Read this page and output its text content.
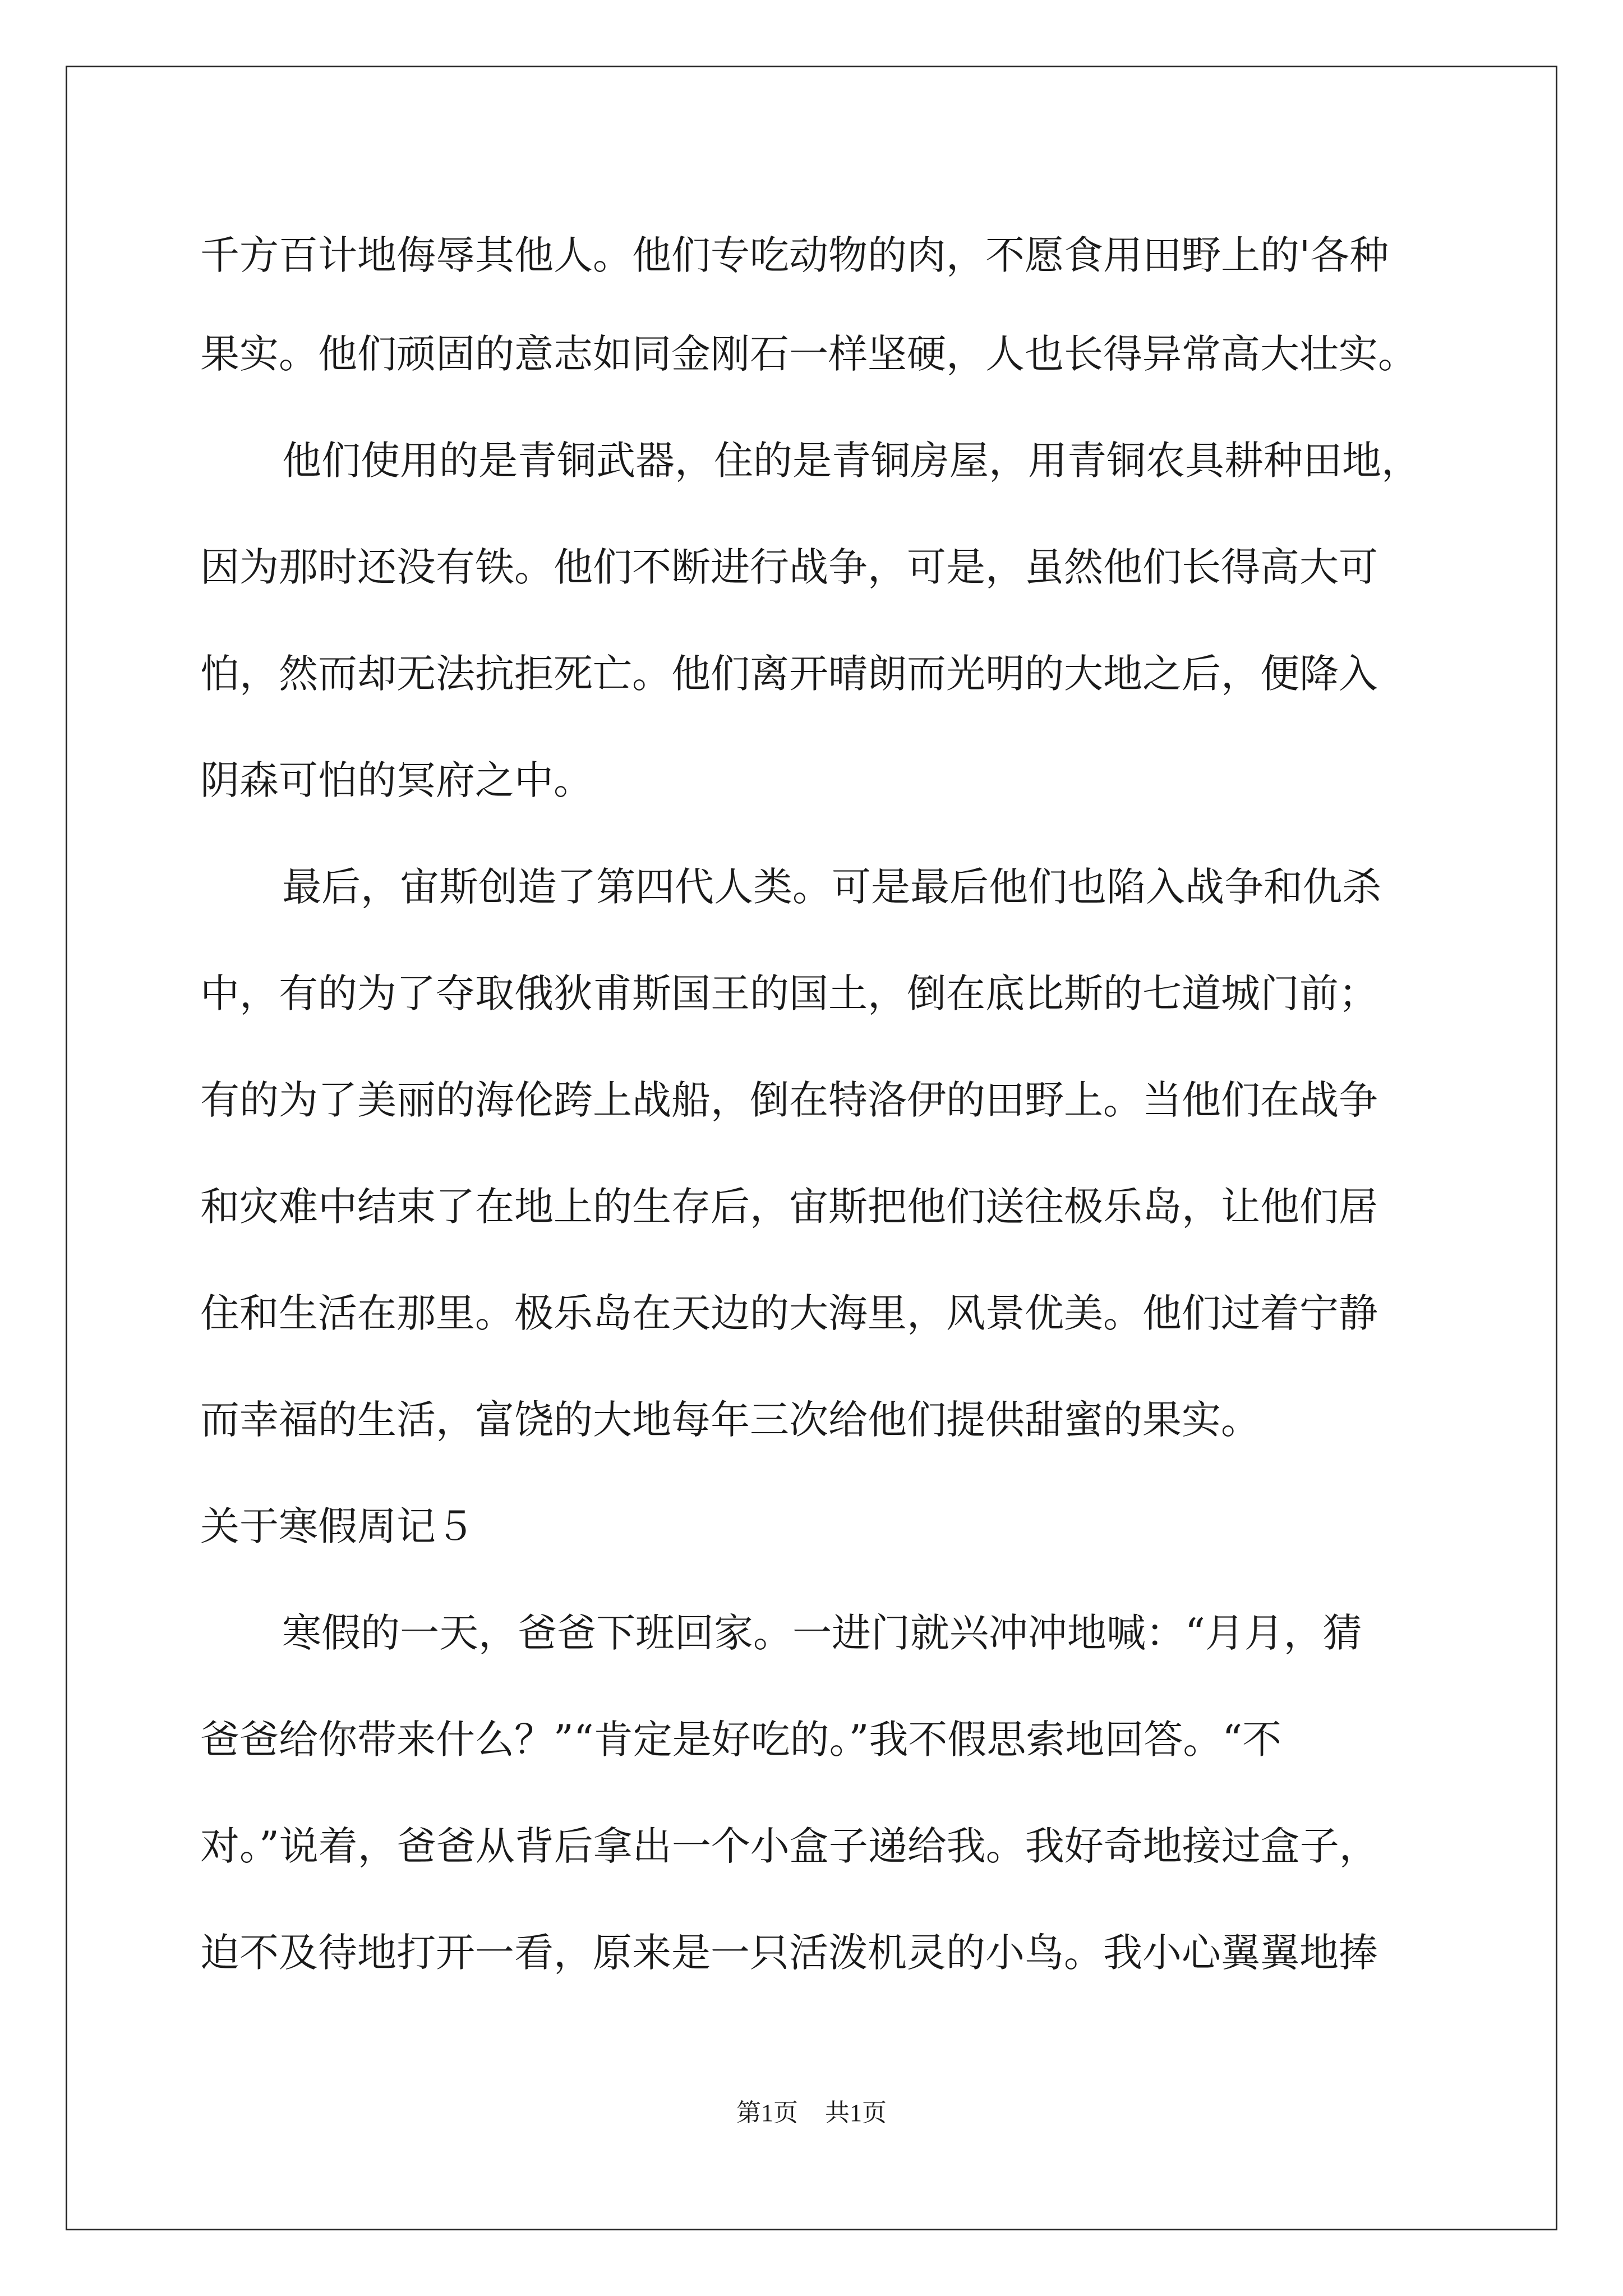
千方百计地侮辱其他人。他们专吃动物的肉，不愿食用田野上的'各种
果实。他们顽固的意志如同金刚石一样坚硬，人也长得异常高大壮实。
他们使用的是青铜武器，住的是青铜房屋，用青铜农具耕种田地，
因为那时还没有铁。他们不断进行战争，可是，虽然他们长得高大可
怕，然而却无法抗拒死亡。他们离开晴朗而光明的大地之后，便降入
阴森可怕的冥府之中。
最后，宙斯创造了第四代人类。可是最后他们也陷入战争和仇杀
中，有的为了夺取俄狄甫斯国王的国土，倒在底比斯的七道城门前；
有的为了美丽的海伦跨上战船，倒在特洛伊的田野上。当他们在战争
和灾难中结束了在地上的生存后，宙斯把他们送往极乐岛，让他们居
住和生活在那里。极乐岛在天边的大海里，风景优美。他们过着宁静
而幸福的生活，富饶的大地每年三次给他们提供甜蜜的果实。
关于寒假周记５
寒假的一天，爸爸下班回家。一进门就兴冲冲地喊：“月月，猜
爸爸给你带来什么？”“肯定是好吃的。”我不假思索地回答。“不
对。”说着，爸爸从背后拿出一个小盒子递给我。我好奇地接过盒子，
迫不及待地打开一看，原来是一只活泼机灵的小鸟。我小心翼翼地捧
第1页 共1页
